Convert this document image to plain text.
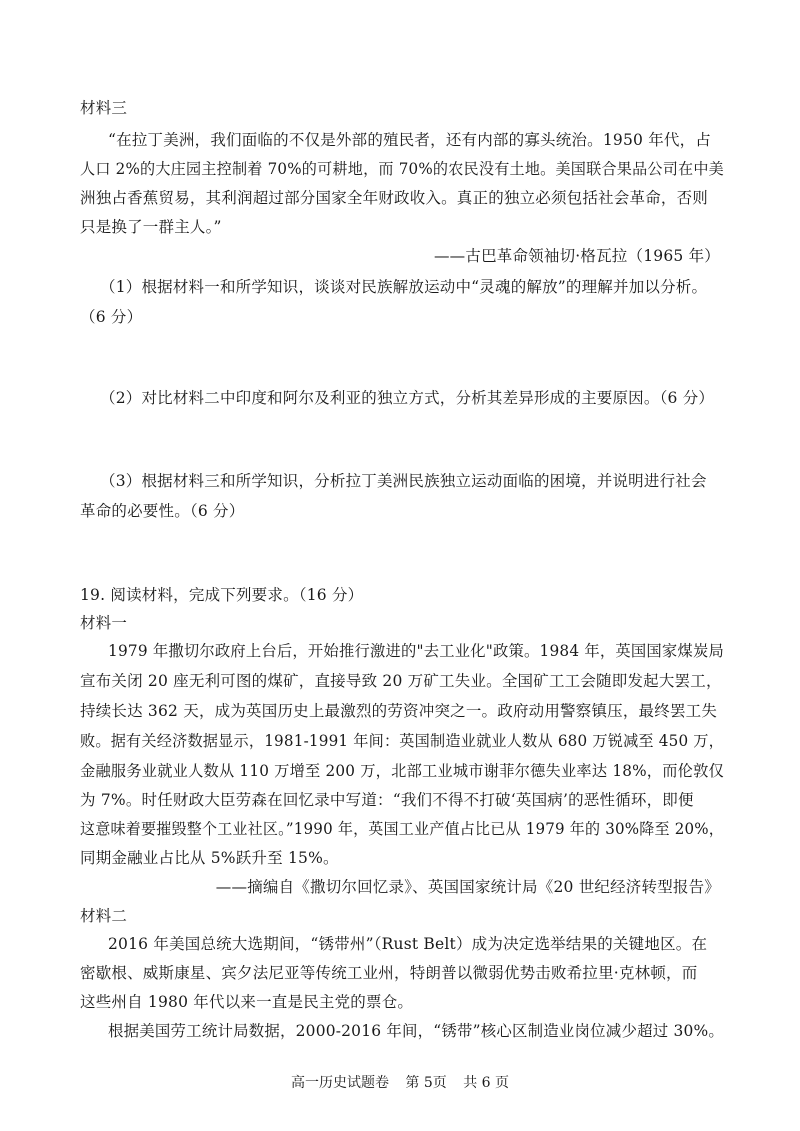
材料三
“在拉丁美洲，我们面临的不仅是外部的殖民者，还有内部的寡头统治。1950 年代，占
人口 2%的大庄园主控制着 70%的可耕地，而 70%的农民没有土地。美国联合果品公司在中美
洲独占香蕉贸易，其利润超过部分国家全年财政收入。真正的独立必须包括社会革命，否则
只是换了一群主人。”
——古巴革命领袖切·格瓦拉（1965 年）
（1）根据材料一和所学知识，谈谈对民族解放运动中“灵魂的解放”的理解并加以分析。
（6 分）
（2）对比材料二中印度和阿尔及利亚的独立方式，分析其差异形成的主要原因。（6 分）
（3）根据材料三和所学知识，分析拉丁美洲民族独立运动面临的困境，并说明进行社会
革命的必要性。（6 分）
19. 阅读材料，完成下列要求。（16 分）
材料一
1979 年撒切尔政府上台后，开始推行激进的"去工业化"政策。1984 年，英国国家煤炭局
宣布关闭 20 座无利可图的煤矿，直接导致 20 万矿工失业。全国矿工工会随即发起大罢工，
持续长达 362 天，成为英国历史上最激烈的劳资冲突之一。政府动用警察镇压，最终罢工失
败。据有关经济数据显示，1981-1991 年间：英国制造业就业人数从 680 万锐减至 450 万，
金融服务业就业人数从 110 万增至 200 万，北部工业城市谢菲尔德失业率达 18%，而伦敦仅
为 7%。时任财政大臣劳森在回忆录中写道：“我们不得不打破‘英国病’的恶性循环，即便
这意味着要摧毁整个工业社区。”1990 年，英国工业产值占比已从 1979 年的 30%降至 20%，
同期金融业占比从 5%跃升至 15%。
——摘编自《撒切尔回忆录》、英国国家统计局《20 世纪经济转型报告》
材料二
2016 年美国总统大选期间，“锈带州”（Rust Belt）成为决定选举结果的关键地区。在
密歇根、威斯康星、宾夕法尼亚等传统工业州，特朗普以微弱优势击败希拉里·克林顿，而
这些州自 1980 年代以来一直是民主党的票仓。
根据美国劳工统计局数据，2000-2016 年间，“锈带”核心区制造业岗位减少超过 30%。
高一历史试题卷 第 5页 共 6 页
